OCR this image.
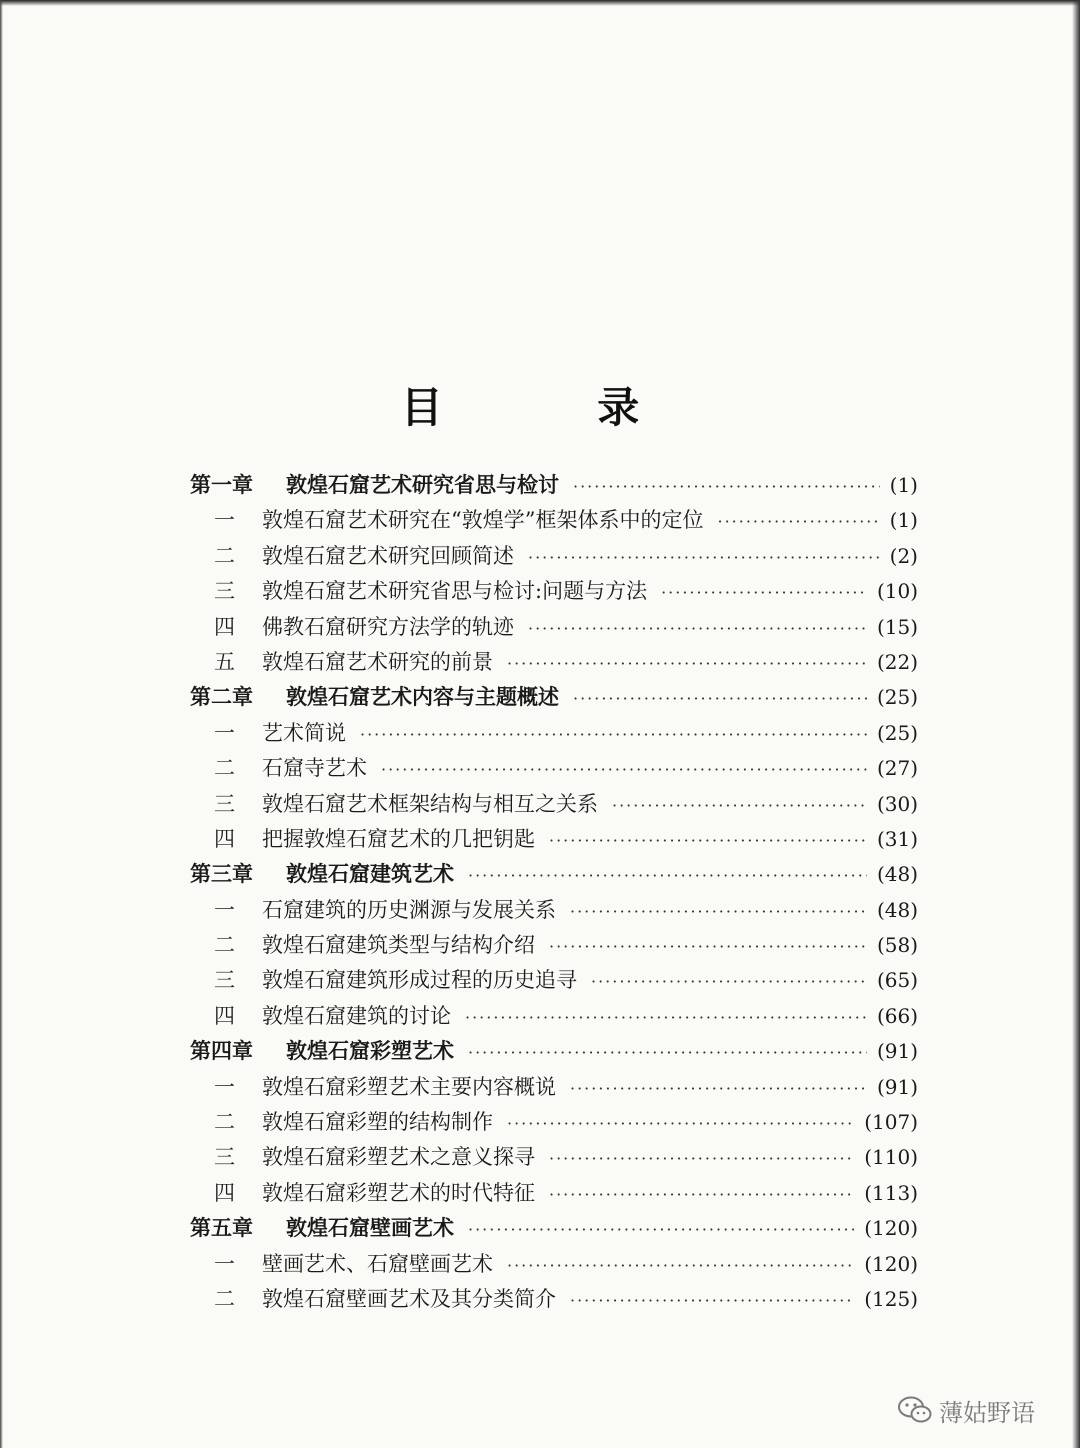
目 录
第一章	敦煌石窟艺术研究省思与检讨 ·····	(1)
一	敦煌石窟艺术研究在“敦煌学”框架体系中的定位 ·····	(1)
二	敦煌石窟艺术研究回顾简述 ·····	(2)
三	敦煌石窟艺术研究省思与检讨:问题与方法 ·····	(10)
四	佛教石窟研究方法学的轨迹 ·····	(15)
五	敦煌石窟艺术研究的前景 ·····	(22)
第二章	敦煌石窟艺术内容与主题概述 ·····	(25)
一	艺术简说 ·····	(25)
二	石窟寺艺术 ·····	(27)
三	敦煌石窟艺术框架结构与相互之关系 ·····	(30)
四	把握敦煌石窟艺术的几把钥匙 ·····	(31)
第三章	敦煌石窟建筑艺术 ·····	(48)
一	石窟建筑的历史渊源与发展关系 ·····	(48)
二	敦煌石窟建筑类型与结构介绍 ·····	(58)
三	敦煌石窟建筑形成过程的历史追寻 ·····	(65)
四	敦煌石窟建筑的讨论 ·····	(66)
第四章	敦煌石窟彩塑艺术 ·····	(91)
一	敦煌石窟彩塑艺术主要内容概说 ·····	(91)
二	敦煌石窟彩塑的结构制作 ·····	(107)
三	敦煌石窟彩塑艺术之意义探寻 ·····	(110)
四	敦煌石窟彩塑艺术的时代特征 ·····	(113)
第五章	敦煌石窟壁画艺术 ·····	(120)
一	壁画艺术、石窟壁画艺术 ·····	(120)
二	敦煌石窟壁画艺术及其分类简介 ·····	(125)
薄姑野语
